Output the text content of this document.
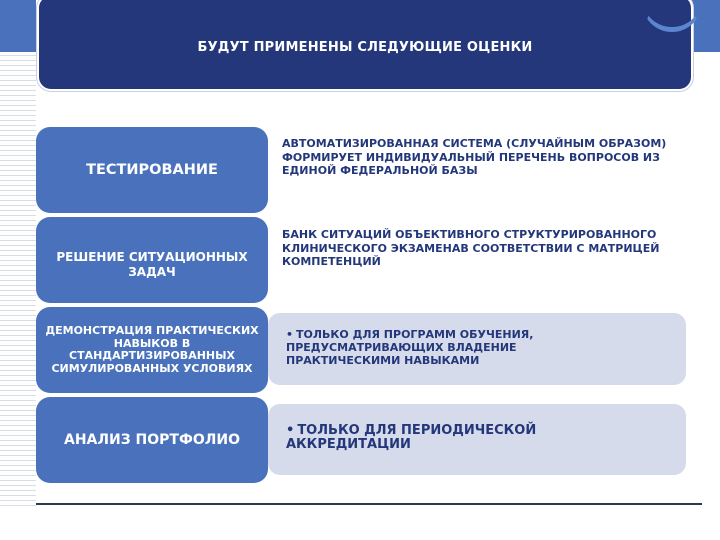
БУДУТ ПРИМЕНЕНЫ СЛЕДУЮЩИЕ ОЦЕНКИ
ТЕСТИРОВАНИЕ
АВТОМАТИЗИРОВАННАЯ СИСТЕМА (СЛУЧАЙНЫМ ОБРАЗОМ) ФОРМИРУЕТ ИНДИВИДУАЛЬНЫЙ ПЕРЕЧЕНЬ ВОПРОСОВ ИЗ ЕДИНОЙ ФЕДЕРАЛЬНОЙ БАЗЫ
РЕШЕНИЕ СИТУАЦИОННЫХ ЗАДАЧ
БАНК СИТУАЦИЙ ОБЪЕКТИВНОГО СТРУКТУРИРОВАННОГО КЛИНИЧЕСКОГО ЭКЗАМЕНАВ СООТВЕТСТВИИ С МАТРИЦЕЙ КОМПЕТЕНЦИЙ
ДЕМОНСТРАЦИЯ ПРАКТИЧЕСКИХ НАВЫКОВ В СТАНДАРТИЗИРОВАННЫХ СИМУЛИРОВАННЫХ УСЛОВИЯХ
• ТОЛЬКО ДЛЯ ПРОГРАММ ОБУЧЕНИЯ, ПРЕДУСМАТРИВАЮЩИХ ВЛАДЕНИЕ ПРАКТИЧЕСКИМИ НАВЫКАМИ
АНАЛИЗ ПОРТФОЛИО
• ТОЛЬКО ДЛЯ ПЕРИОДИЧЕСКОЙ АККРЕДИТАЦИИ
